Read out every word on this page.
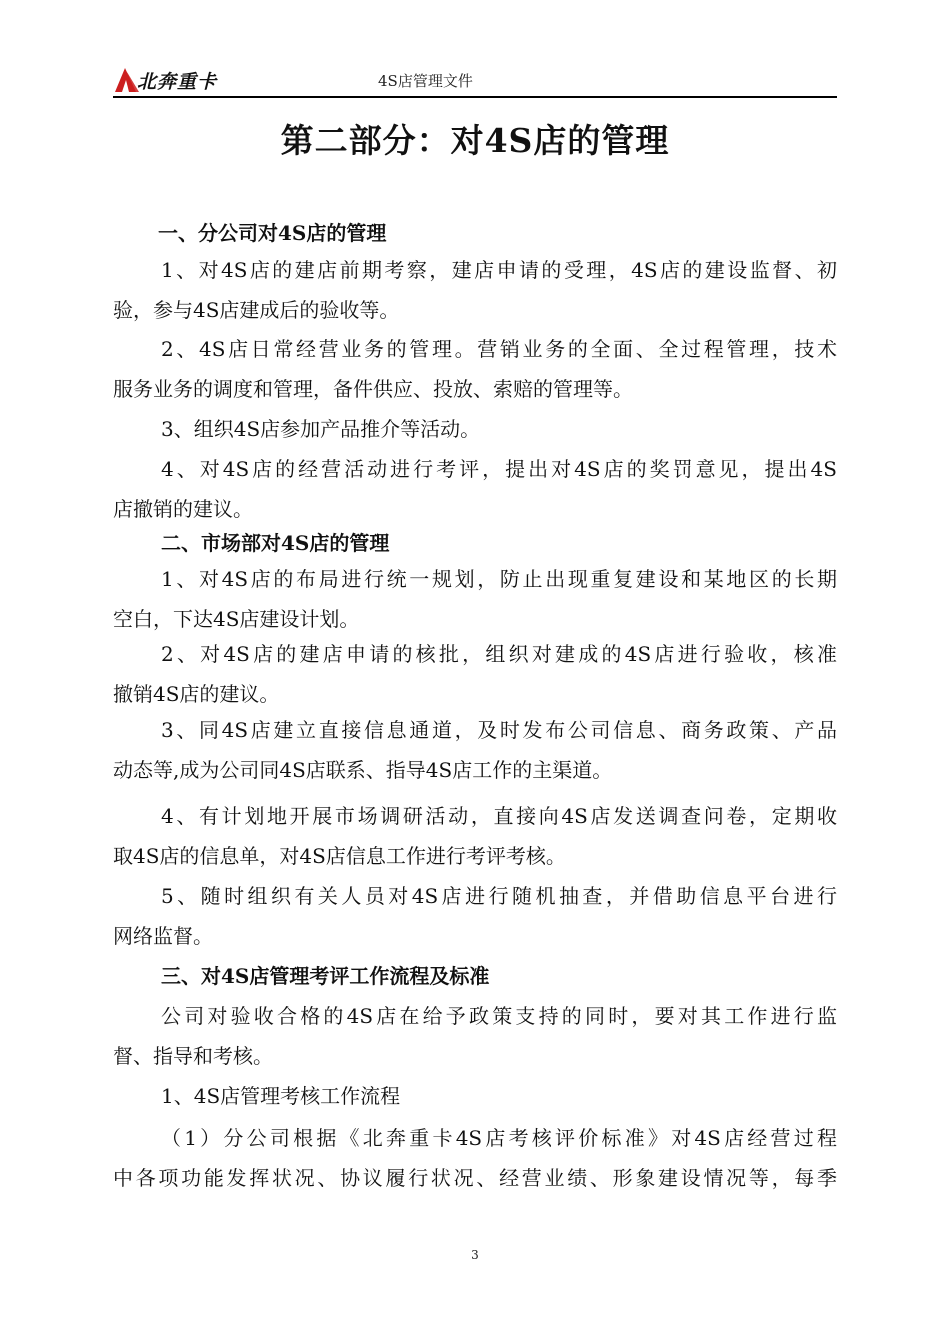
北奔重卡	4S店管理文件
第二部分：对4S店的管理
一、分公司对4S店的管理
1、对4S店的建店前期考察，建店申请的受理，4S店的建设监督、初
验，参与4S店建成后的验收等。
2、4S店日常经营业务的管理。营销业务的全面、全过程管理，技术
服务业务的调度和管理，备件供应、投放、索赔的管理等。
3、组织4S店参加产品推介等活动。
4、对4S店的经营活动进行考评，提出对4S店的奖罚意见，提出4S
店撤销的建议。
二、市场部对4S店的管理
1、对4S店的布局进行统一规划，防止出现重复建设和某地区的长期
空白，下达4S店建设计划。
2、对4S店的建店申请的核批，组织对建成的4S店进行验收，核准
撤销4S店的建议。
3、同4S店建立直接信息通道，及时发布公司信息、商务政策、产品
动态等,成为公司同4S店联系、指导4S店工作的主渠道。
4、有计划地开展市场调研活动，直接向4S店发送调查问卷，定期收
取4S店的信息单，对4S店信息工作进行考评考核。
5、随时组织有关人员对4S店进行随机抽查，并借助信息平台进行
网络监督。
三、对4S店管理考评工作流程及标准
公司对验收合格的4S店在给予政策支持的同时，要对其工作进行监
督、指导和考核。
1、4S店管理考核工作流程
（1）分公司根据《北奔重卡4S店考核评价标准》对4S店经营过程
中各项功能发挥状况、协议履行状况、经营业绩、形象建设情况等，每季
3
